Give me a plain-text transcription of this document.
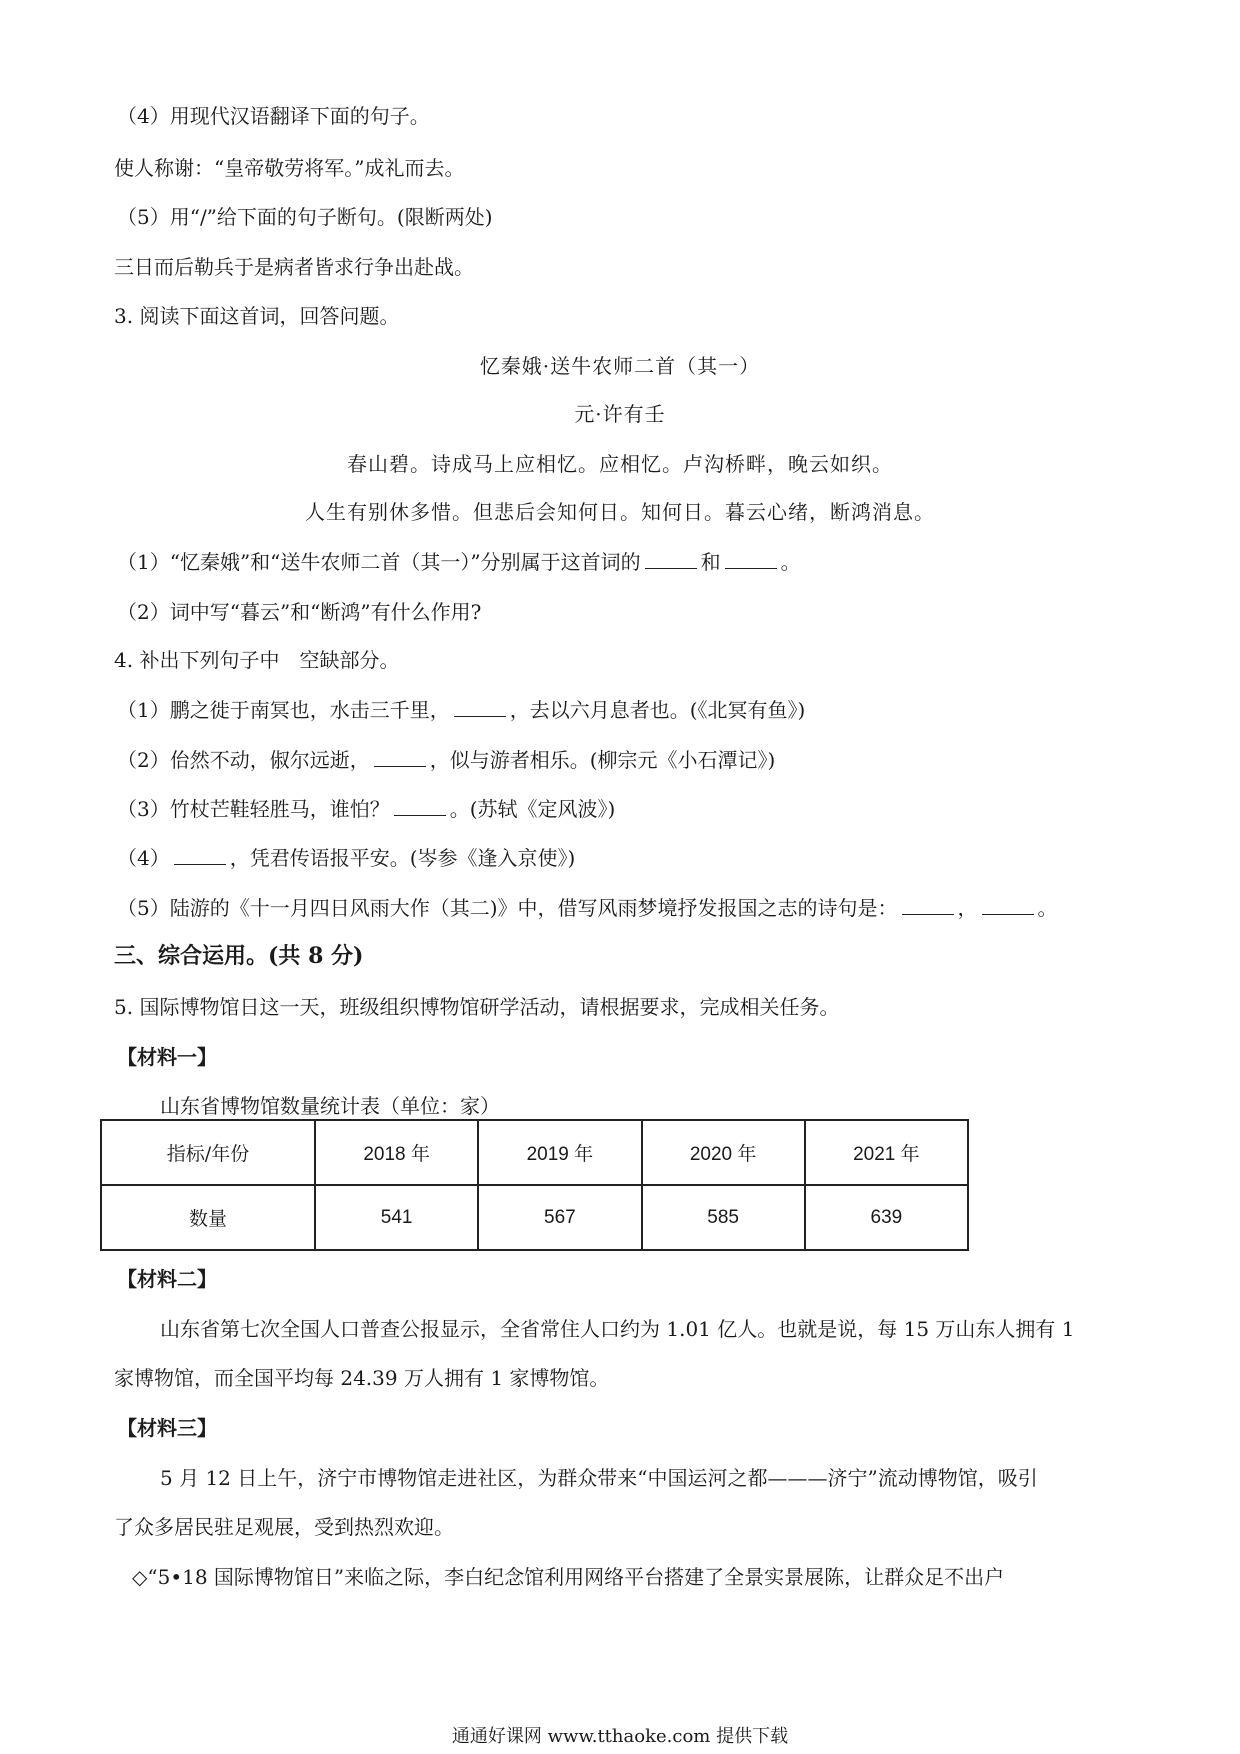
（4）用现代汉语翻译下面的句子。
使人称谢：“皇帝敬劳将军。”成礼而去。
（5）用“/”给下面的句子断句。(限断两处)
三日而后勒兵于是病者皆求行争出赴战。
3. 阅读下面这首词，回答问题。
忆秦娥·送牛农师二首（其一）
元·许有壬
春山碧。诗成马上应相忆。应相忆。卢沟桥畔，晚云如织。
人生有别休多惜。但悲后会知何日。知何日。暮云心绪，断鸿消息。
（1）“忆秦娥”和“送牛农师二首（其一）”分别属于这首词的	和	。
（2）词中写“暮云”和“断鸿”有什么作用?
4. 补出下列句子中　空缺部分。
（1）鹏之徙于南冥也，水击三千里，	，去以六月息者也。(《北冥有鱼》)
（2）佁然不动，俶尔远逝，	，似与游者相乐。(柳宗元《小石潭记》)
（3）竹杖芒鞋轻胜马，谁怕？	。(苏轼《定风波》)
（4）	，凭君传语报平安。(岑参《逢入京使》)
（5）陆游的《十一月四日风雨大作（其二)》中，借写风雨梦境抒发报国之志的诗句是：	，	。
三、综合运用。(共 8 分)
5. 国际博物馆日这一天，班级组织博物馆研学活动，请根据要求，完成相关任务。
【材料一】
山东省博物馆数量统计表（单位：家）
指标/年份	2018 年	2019 年	2020 年	2021 年
数量	541	567	585	639
【材料二】
山东省第七次全国人口普查公报显示，全省常住人口约为 1.01 亿人。也就是说，每 15 万山东人拥有 1
家博物馆，而全国平均每 24.39 万人拥有 1 家博物馆。
【材料三】
5 月 12 日上午，济宁市博物馆走进社区，为群众带来“中国运河之都———济宁”流动博物馆，吸引
了众多居民驻足观展，受到热烈欢迎。
◇“5•18 国际博物馆日”来临之际，李白纪念馆利用网络平台搭建了全景实景展陈，让群众足不出户
通通好课网 www.tthaoke.com 提供下载
